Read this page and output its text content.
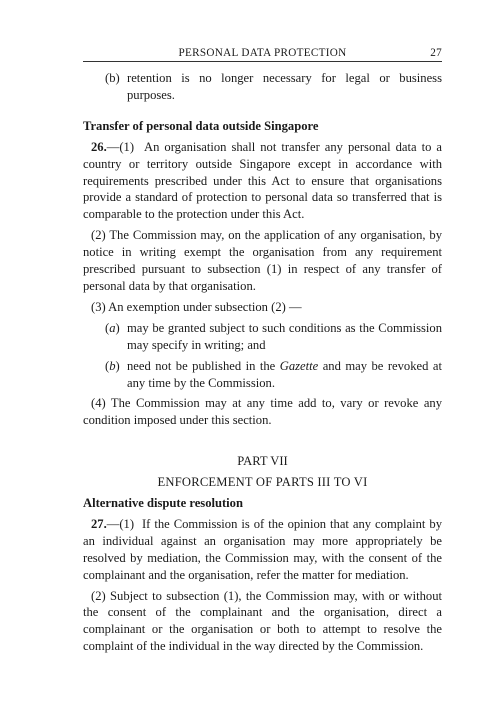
PERSONAL DATA PROTECTION	27
(b) retention is no longer necessary for legal or business purposes.

Transfer of personal data outside Singapore

26.—(1) An organisation shall not transfer any personal data to a country or territory outside Singapore except in accordance with requirements prescribed under this Act to ensure that organisations provide a standard of protection to personal data so transferred that is comparable to the protection under this Act.

(2) The Commission may, on the application of any organisation, by notice in writing exempt the organisation from any requirement prescribed pursuant to subsection (1) in respect of any transfer of personal data by that organisation.

(3) An exemption under subsection (2) —

(a) may be granted subject to such conditions as the Commission may specify in writing; and
(b) need not be published in the Gazette and may be revoked at any time by the Commission.

(4) The Commission may at any time add to, vary or revoke any condition imposed under this section.

PART VII

ENFORCEMENT OF PARTS III TO VI

Alternative dispute resolution

27.—(1) If the Commission is of the opinion that any complaint by an individual against an organisation may more appropriately be resolved by mediation, the Commission may, with the consent of the complainant and the organisation, refer the matter for mediation.

(2) Subject to subsection (1), the Commission may, with or without the consent of the complainant and the organisation, direct a complainant or the organisation or both to attempt to resolve the complaint of the individual in the way directed by the Commission.
